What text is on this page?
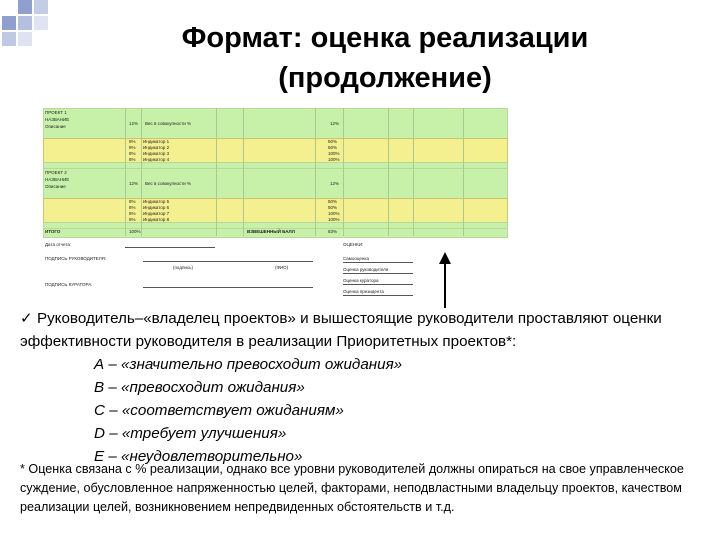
Формат: оценка реализации (продолжение)
ПРОЕКТ 1
НАЗВАНИЕ
Описание
12% Вес в совокупности %	12%
8% Индикатор 1	50%
8% Индикатор 2	50%
8% Индикатор 3	100%
8% Индикатор 4	100%
ПРОЕКТ 2
НАЗВАНИЕ
Описание
12% Вес в совокупности %	12%
8% Индикатор 5	50%
8% Индикатор 6	50%
8% Индикатор 7	100%
8% Индикатор 8	100%
ИТОГО	100%	ВЗВЕШЕННЫЙ БАЛЛ	83%
Дата отчета:
ПОДПИСЬ РУКОВОДИТЕЛЯ:
(подпись)	(ФИО)
ПОДПИСЬ КУРАТОРА:
ОЦЕНКИ:
Самооценка
Оценка руководителя
Оценка куратора
Оценка президента
✓ Руководитель–«владелец проектов» и вышестоящие руководители проставляют оценки эффективности руководителя в реализации Приоритетных проектов*:
А – «значительно превосходит ожидания»
В – «превосходит ожидания»
С – «соответствует ожиданиям»
D – «требует улучшения»
Е – «неудовлетворительно»
* Оценка связана с % реализации, однако все уровни руководителей должны опираться на свое управленческое суждение, обусловленное напряженностью целей, факторами, неподвластными владельцу проектов, качеством реализации целей, возникновением непредвиденных обстоятельств и т.д.
